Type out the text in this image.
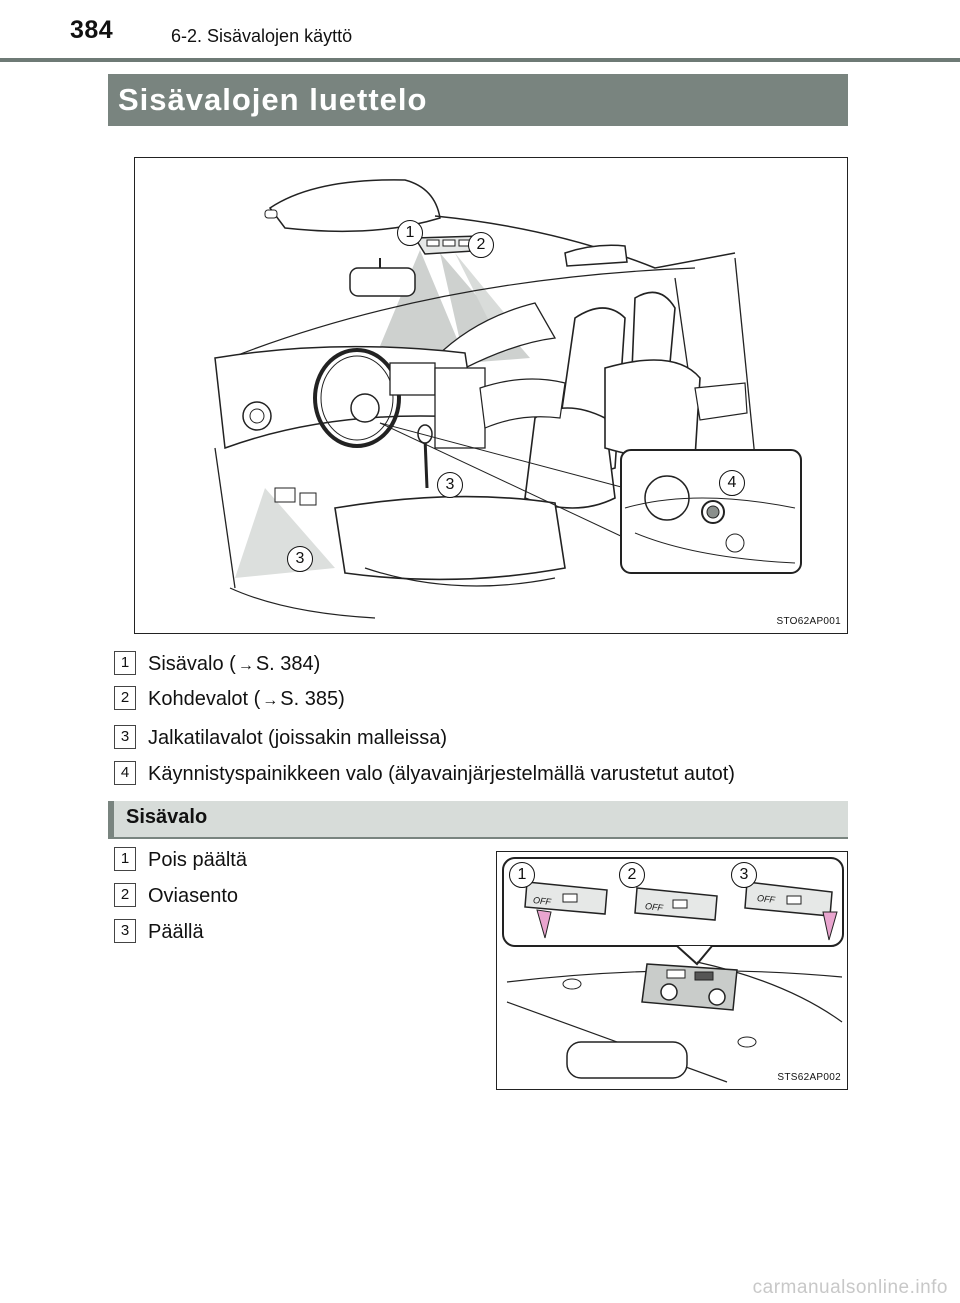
384	6-2. Sisävalojen käyttö
Sisävalojen luettelo
1
2
3
3
4
STO62AP001
1 Sisävalo ( → S. 384)
2 Kohdevalot ( → S. 385)
3 Jalkatilavalot (joissakin malleissa)
4 Käynnistyspainikkeen valo (älyavainjärjestelmällä varustetut autot)
Sisävalo
1 Pois päältä
2 Oviasento
3 Päällä
1	2	3
OFF
OFF
OFF
STS62AP002
carmanualsonline.info
